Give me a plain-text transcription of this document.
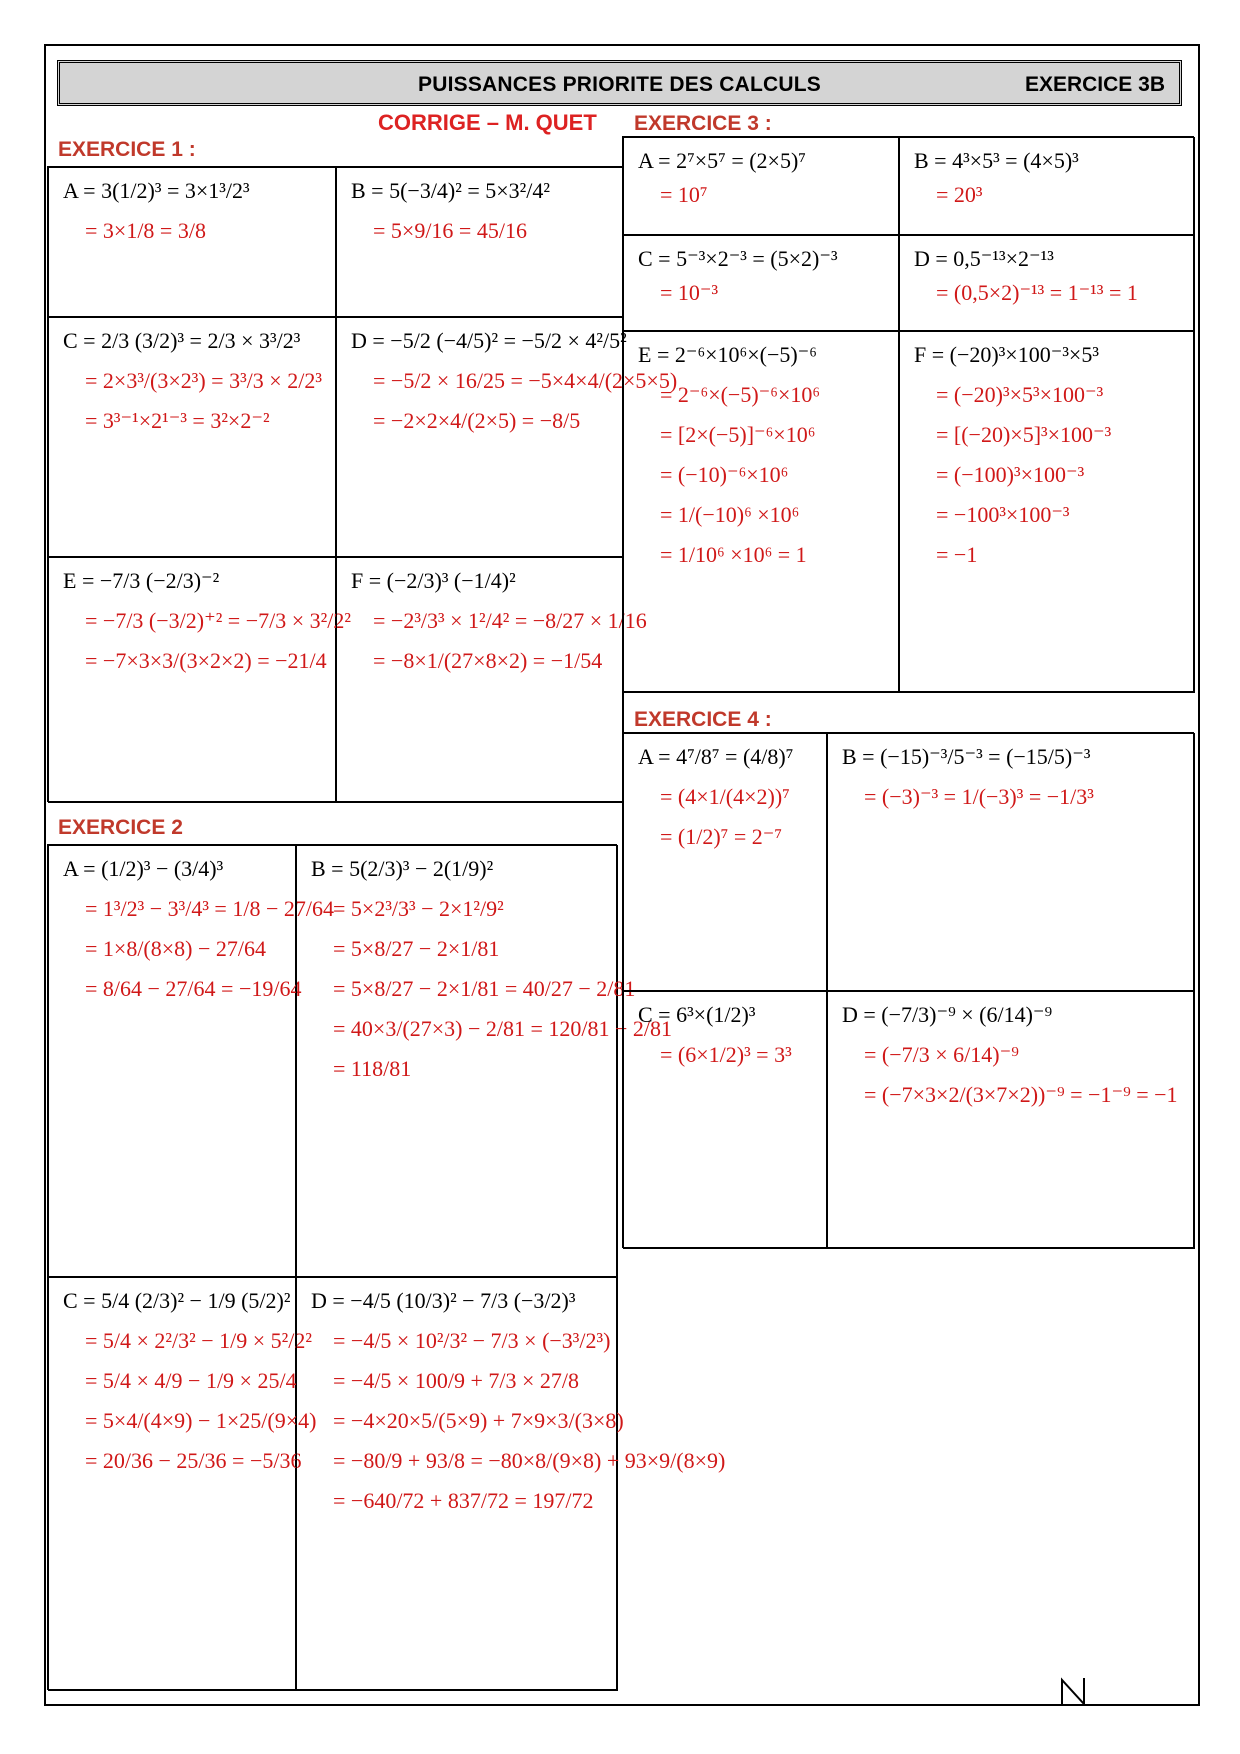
PUISSANCES PRIORITE DES CALCULS	EXERCICE 3B
CORRIGE – M. QUET
EXERCICE 1 :
A = 3(1/2)³ = 3×1³/2³
= 3×1/8 = 3/8
B = 5(−3/4)² = 5×3²/4²
= 5×9/16 = 45/16
C = 2/3 (3/2)³ = 2/3 × 3³/2³
= 2×3³/(3×2³) = 3³/3 × 2/2³
= 3³⁻¹×2¹⁻³ = 3²×2⁻²
D = −5/2 (−4/5)² = −5/2 × 4²/5²
= −5/2 × 16/25 = −5×4×4/(2×5×5)
= −2×2×4/(2×5) = −8/5
E = −7/3 (−2/3)⁻²
= −7/3 (−3/2)⁺² = −7/3 × 3²/2²
= −7×3×3/(3×2×2) = −21/4
F = (−2/3)³ (−1/4)²
= −2³/3³ × 1²/4² = −8/27 × 1/16
= −8×1/(27×8×2) = −1/54
EXERCICE 2
A = (1/2)³ − (3/4)³
= 1³/2³ − 3³/4³ = 1/8 − 27/64
= 1×8/(8×8) − 27/64
= 8/64 − 27/64 = −19/64
B = 5(2/3)³ − 2(1/9)²
= 5×2³/3³ − 2×1²/9²
= 5×8/27 − 2×1/81
= 5×8/27 − 2×1/81 = 40/27 − 2/81
= 40×3/(27×3) − 2/81 = 120/81 − 2/81
= 118/81
C = 5/4 (2/3)² − 1/9 (5/2)²
= 5/4 × 2²/3² − 1/9 × 5²/2²
= 5/4 × 4/9 − 1/9 × 25/4
= 5×4/(4×9) − 1×25/(9×4)
= 20/36 − 25/36 = −5/36
D = −4/5 (10/3)² − 7/3 (−3/2)³
= −4/5 × 10²/3² − 7/3 × (−3³/2³)
= −4/5 × 100/9 + 7/3 × 27/8
= −4×20×5/(5×9) + 7×9×3/(3×8)
= −80/9 + 93/8 = −80×8/(9×8) + 93×9/(8×9)
= −640/72 + 837/72 = 197/72
EXERCICE 3 :
A = 2⁷×5⁷ = (2×5)⁷
= 10⁷
B = 4³×5³ = (4×5)³
= 20³
C = 5⁻³×2⁻³ = (5×2)⁻³
= 10⁻³
D = 0,5⁻¹³×2⁻¹³
= (0,5×2)⁻¹³ = 1⁻¹³ = 1
E = 2⁻⁶×10⁶×(−5)⁻⁶
= 2⁻⁶×(−5)⁻⁶×10⁶
= [2×(−5)]⁻⁶×10⁶
= (−10)⁻⁶×10⁶
= 1/(−10)⁶ ×10⁶
= 1/10⁶ ×10⁶ = 1
F = (−20)³×100⁻³×5³
= (−20)³×5³×100⁻³
= [(−20)×5]³×100⁻³
= (−100)³×100⁻³
= −100³×100⁻³
= −1
EXERCICE 4 :
A = 4⁷/8⁷ = (4/8)⁷
= (4×1/(4×2))⁷
= (1/2)⁷ = 2⁻⁷
B = (−15)⁻³/5⁻³ = (−15/5)⁻³
= (−3)⁻³ = 1/(−3)³ = −1/3³
C = 6³×(1/2)³
= (6×1/2)³ = 3³
D = (−7/3)⁻⁹ × (6/14)⁻⁹
= (−7/3 × 6/14)⁻⁹
= (−7×3×2/(3×7×2))⁻⁹ = −1⁻⁹ = −1
